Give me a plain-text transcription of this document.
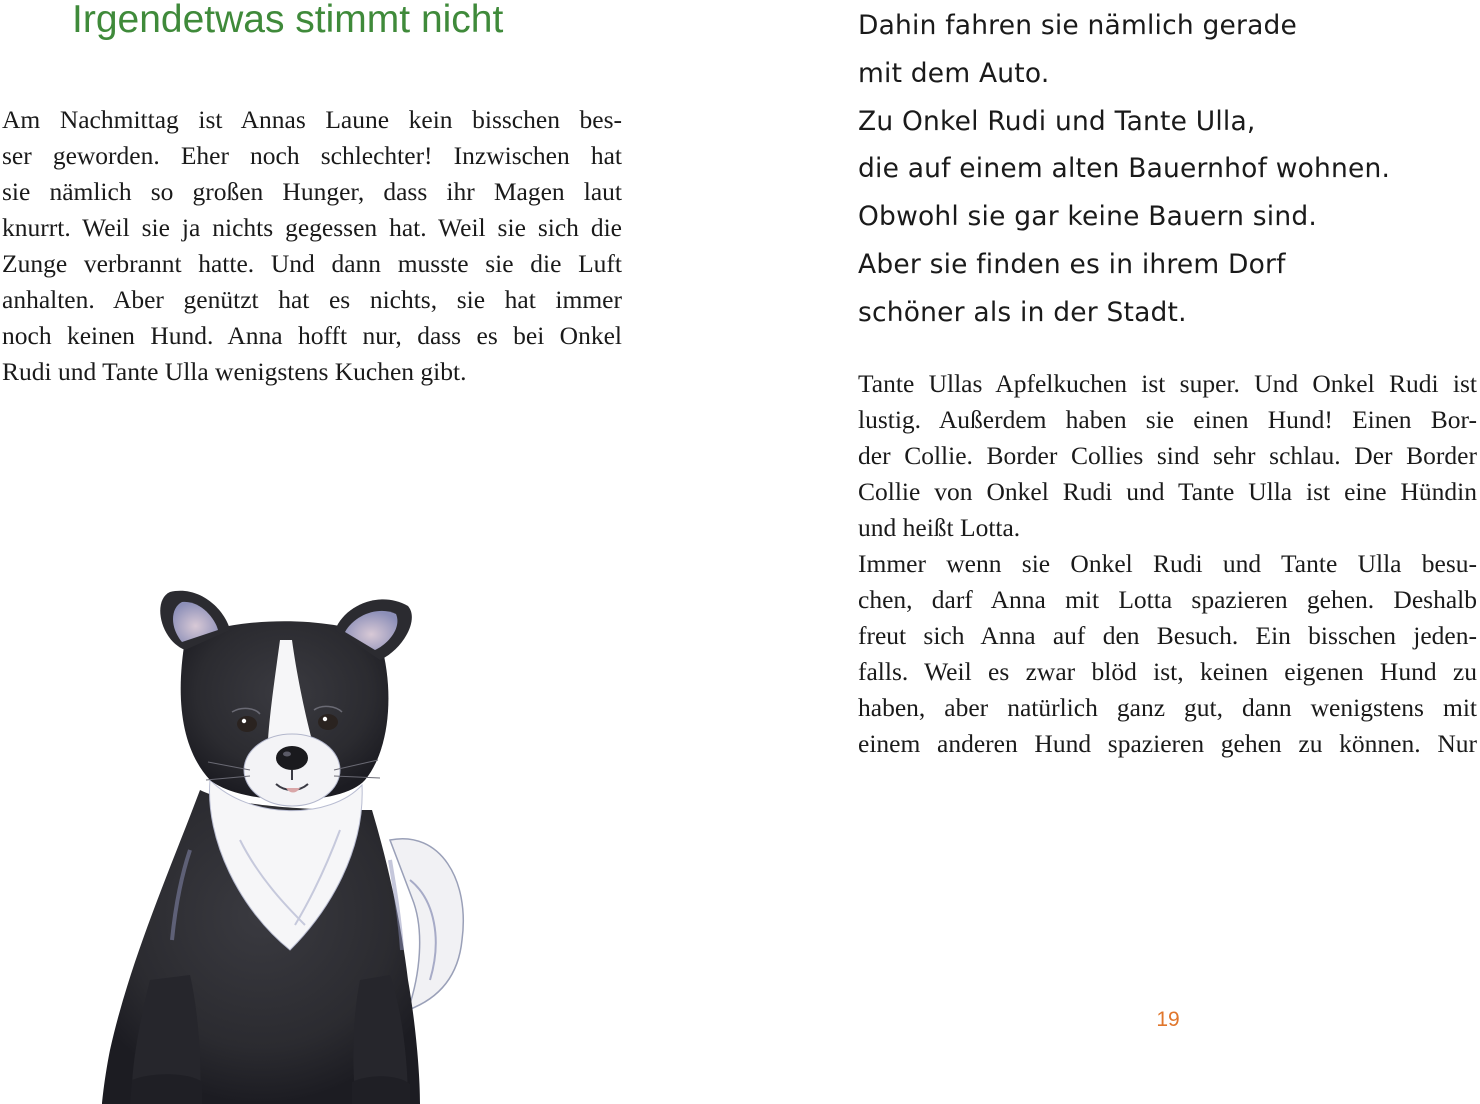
Irgendetwas stimmt nicht
Am Nachmittag ist Annas Laune kein bisschen bes-
ser geworden. Eher noch schlechter! Inzwischen hat
sie nämlich so großen Hunger, dass ihr Magen laut
knurrt. Weil sie ja nichts gegessen hat. Weil sie sich die
Zunge verbrannt hatte. Und dann musste sie die Luft
anhalten. Aber genützt hat es nichts, sie hat immer
noch keinen Hund. Anna hofft nur, dass es bei Onkel
Rudi und Tante Ulla wenigstens Kuchen gibt.
Dahin fahren sie nämlich gerade
mit dem Auto.
Zu Onkel Rudi und Tante Ulla,
die auf einem alten Bauernhof wohnen.
Obwohl sie gar keine Bauern sind.
Aber sie finden es in ihrem Dorf
schöner als in der Stadt.
Tante Ullas Apfelkuchen ist super. Und Onkel Rudi ist
lustig. Außerdem haben sie einen Hund! Einen Bor-
der Collie. Border Collies sind sehr schlau. Der Border
Collie von Onkel Rudi und Tante Ulla ist eine Hündin
und heißt Lotta.
Immer wenn sie Onkel Rudi und Tante Ulla besu-
chen, darf Anna mit Lotta spazieren gehen. Deshalb
freut sich Anna auf den Besuch. Ein bisschen jeden-
falls. Weil es zwar blöd ist, keinen eigenen Hund zu
haben, aber natürlich ganz gut, dann wenigstens mit
einem anderen Hund spazieren gehen zu können. Nur
19
